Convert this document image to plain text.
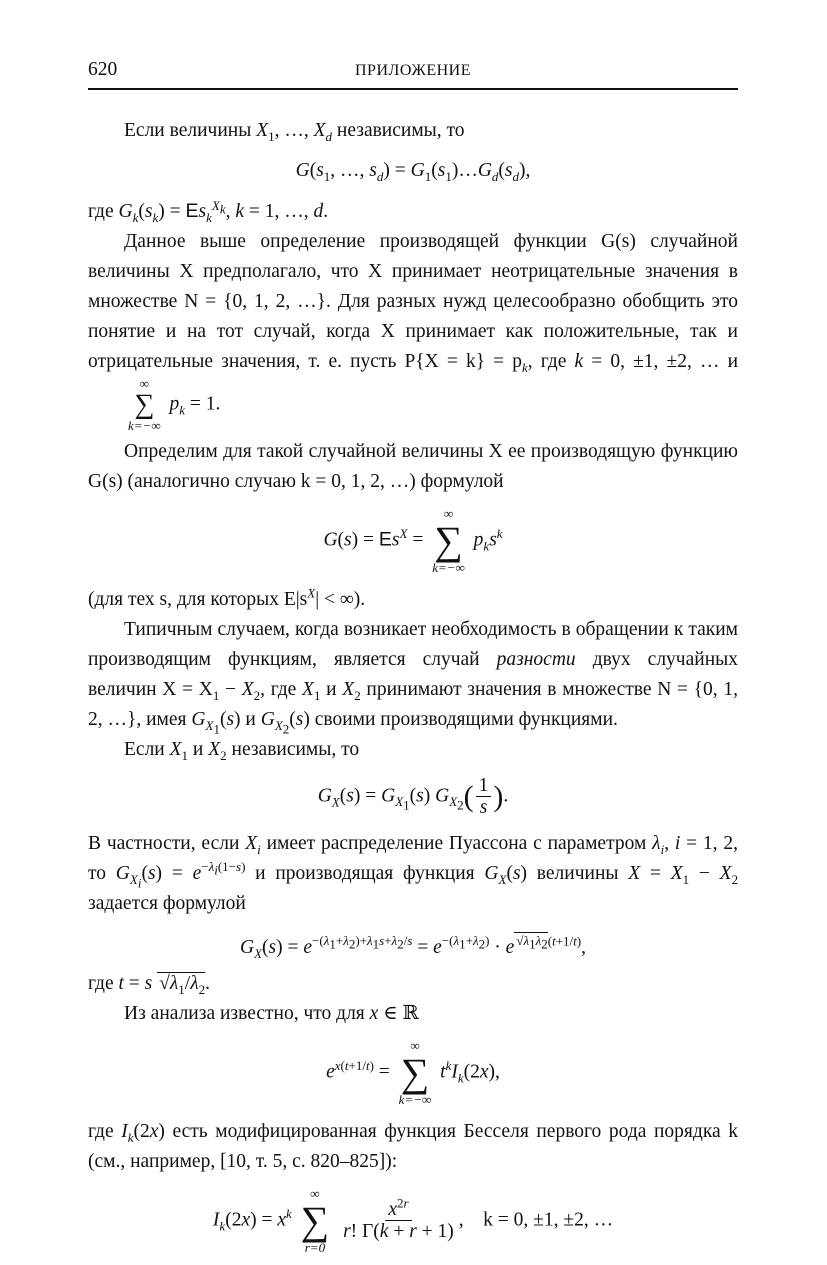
620	ПРИЛОЖЕНИЕ

Если величины $X_1$, …, $X_d$ независимы, то

$G(s_1$, …, $s_d$) = $G_1(s_1)\dots G_d(s_d)$,

где $G_k(s_k) = Es_k^{X_k}$, k = 1, …, d.

Данное выше определение производящей функции G(s) случайной величины X предполагало, что X принимает неотрицательные значения в множестве N = {0, 1, 2, …}. Для разных нужд целесообразно обобщить это понятие и на тот случай, когда X принимает как положительные, так и отрицательные значения, т. е. пусть $P\{X = k\} = p_k$, где k = 0, ±1, ±2, … и
∞
∑
k=−∞
$p_k = 1$.

Определим для такой случайной величины X ее производящую функцию G(s) (аналогично случаю k = 0, 1, 2, …) формулой

$G(s) = Es^X$ =
∞
∑
k=−∞
$p_ks^k$

(для тех s, для которых $E|s^X|$ < ∞).

Типичным случаем, когда возникает необходимость в обращении к таким производящим функциям, является случай разности двух случайных величин $X = X_1 - X_2$, где $X_1$ и $X_2$ принимают значения в множестве N = {0, 1, 2, …}, имея $G_{X_1}(s)$ и $G_{X_2}(s)$ своими производящими функциями.

Если $X_1$ и $X_2$ независимы, то

$G_X(s) = G_{X_1}(s)$ $G_{X_2}( \frac{1}{s}$ ).

В частности, если $X_i$ имеет распределение Пуассона с параметром $\lambda_i$, i = 1, 2, то $G_{X_i}(s) = e^{-\lambda_i(1-s)}$ и производящая функция $G_X(s)$ величины $X = X_1 - X_2$ задается формулой

$G_X(s) = e^{-(\lambda_1+\lambda_2)+\lambda_1s+\lambda_2/s} = e^{-(\lambda_1+\lambda_2)} \cdot e$ $^{√\lambda_1\lambda_2(t+1/t)}$,

где t = s $√\lambda_1/\lambda_2$.

Из анализа известно, что для x ∈ ℝ

$e^{x(t+1/t)}$ =
∞
∑
k=−∞
$t^kI_k(2x)$,

где $I_k(2x)$ есть модифицированная функция Бесселя первого рода порядка k (см., например, [10, т. 5, с. 820–825]):

$I_k(2x) = x^k$
∞
∑
r=0

$\frac{x^{2r}}{r! \Gamma(k + r + 1)}$ ,    k = 0, ±1, ±2, …
